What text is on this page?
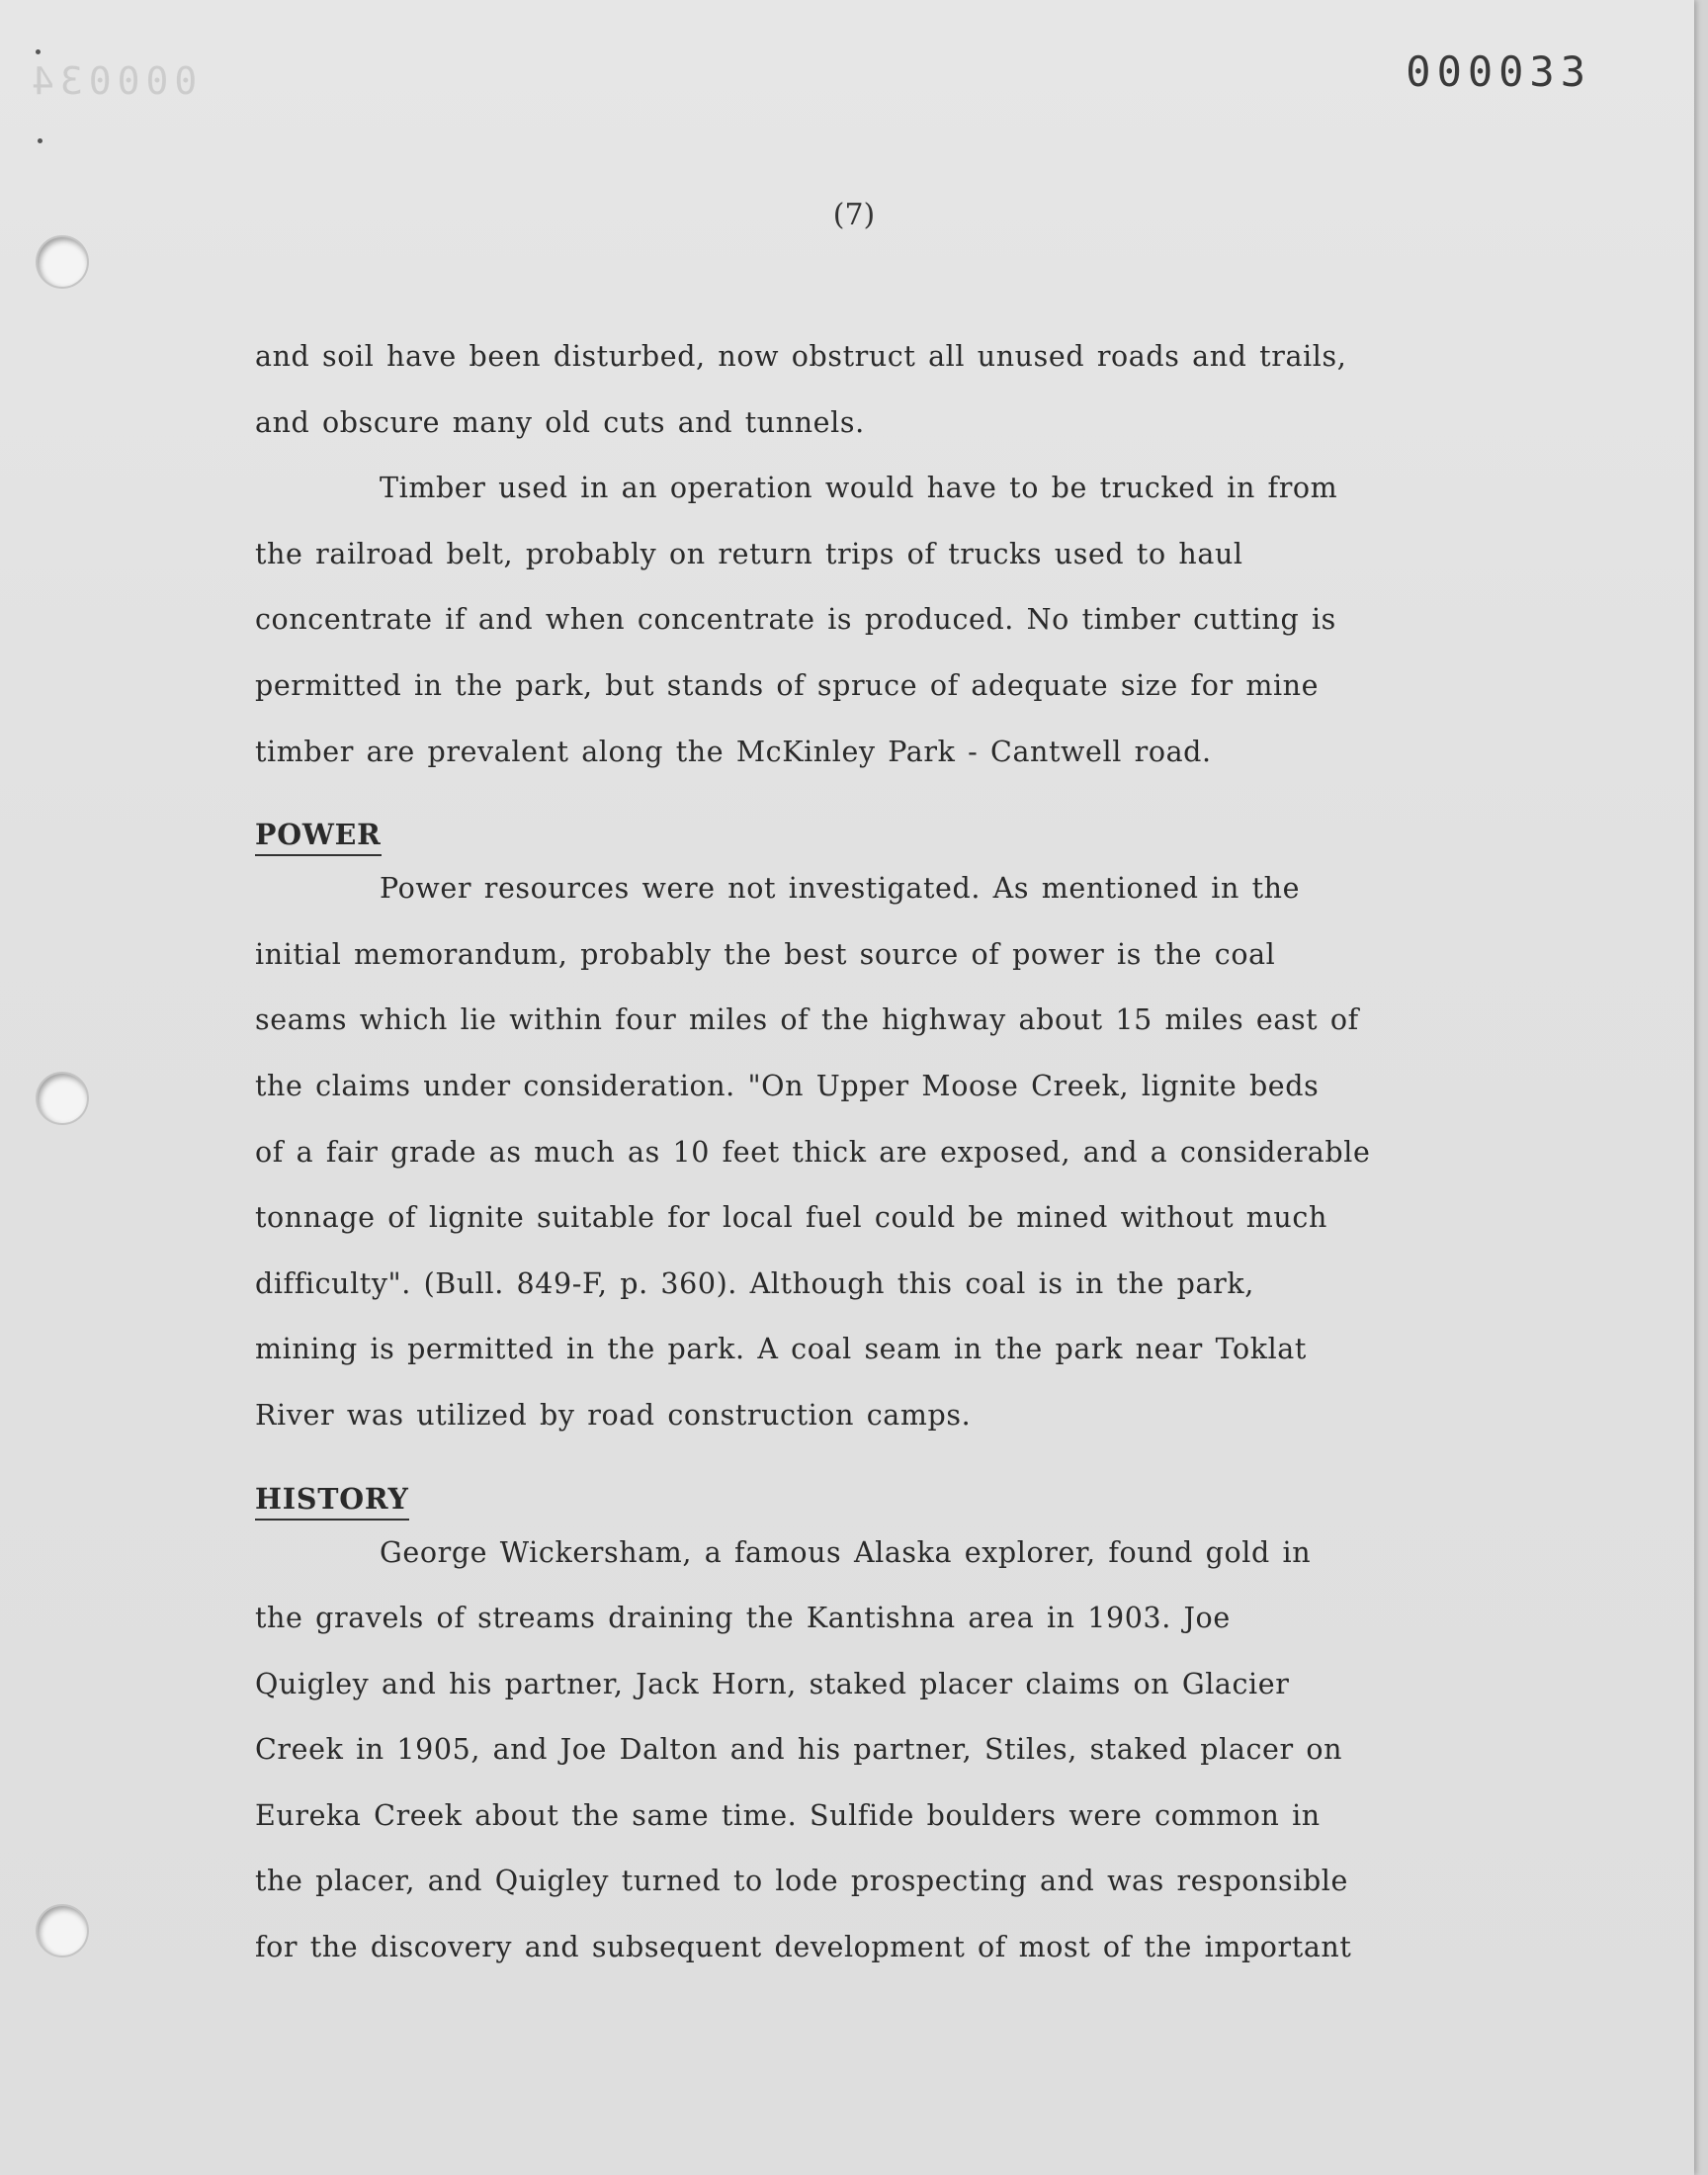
000034	000033
(7)

and soil have been disturbed, now obstruct all unused roads and trails,
and obscure many old cuts and tunnels.

Timber used in an operation would have to be trucked in from
the railroad belt, probably on return trips of trucks used to haul
concentrate if and when concentrate is produced. No timber cutting is
permitted in the park, but stands of spruce of adequate size for mine
timber are prevalent along the McKinley Park - Cantwell road.

POWER

Power resources were not investigated. As mentioned in the
initial memorandum, probably the best source of power is the coal
seams which lie within four miles of the highway about 15 miles east of
the claims under consideration. "On Upper Moose Creek, lignite beds
of a fair grade as much as 10 feet thick are exposed, and a considerable
tonnage of lignite suitable for local fuel could be mined without much
difficulty". (Bull. 849-F, p. 360). Although this coal is in the park,
mining is permitted in the park. A coal seam in the park near Toklat
River was utilized by road construction camps.

HISTORY

George Wickersham, a famous Alaska explorer, found gold in
the gravels of streams draining the Kantishna area in 1903. Joe
Quigley and his partner, Jack Horn, staked placer claims on Glacier
Creek in 1905, and Joe Dalton and his partner, Stiles, staked placer on
Eureka Creek about the same time. Sulfide boulders were common in
the placer, and Quigley turned to lode prospecting and was responsible
for the discovery and subsequent development of most of the important
